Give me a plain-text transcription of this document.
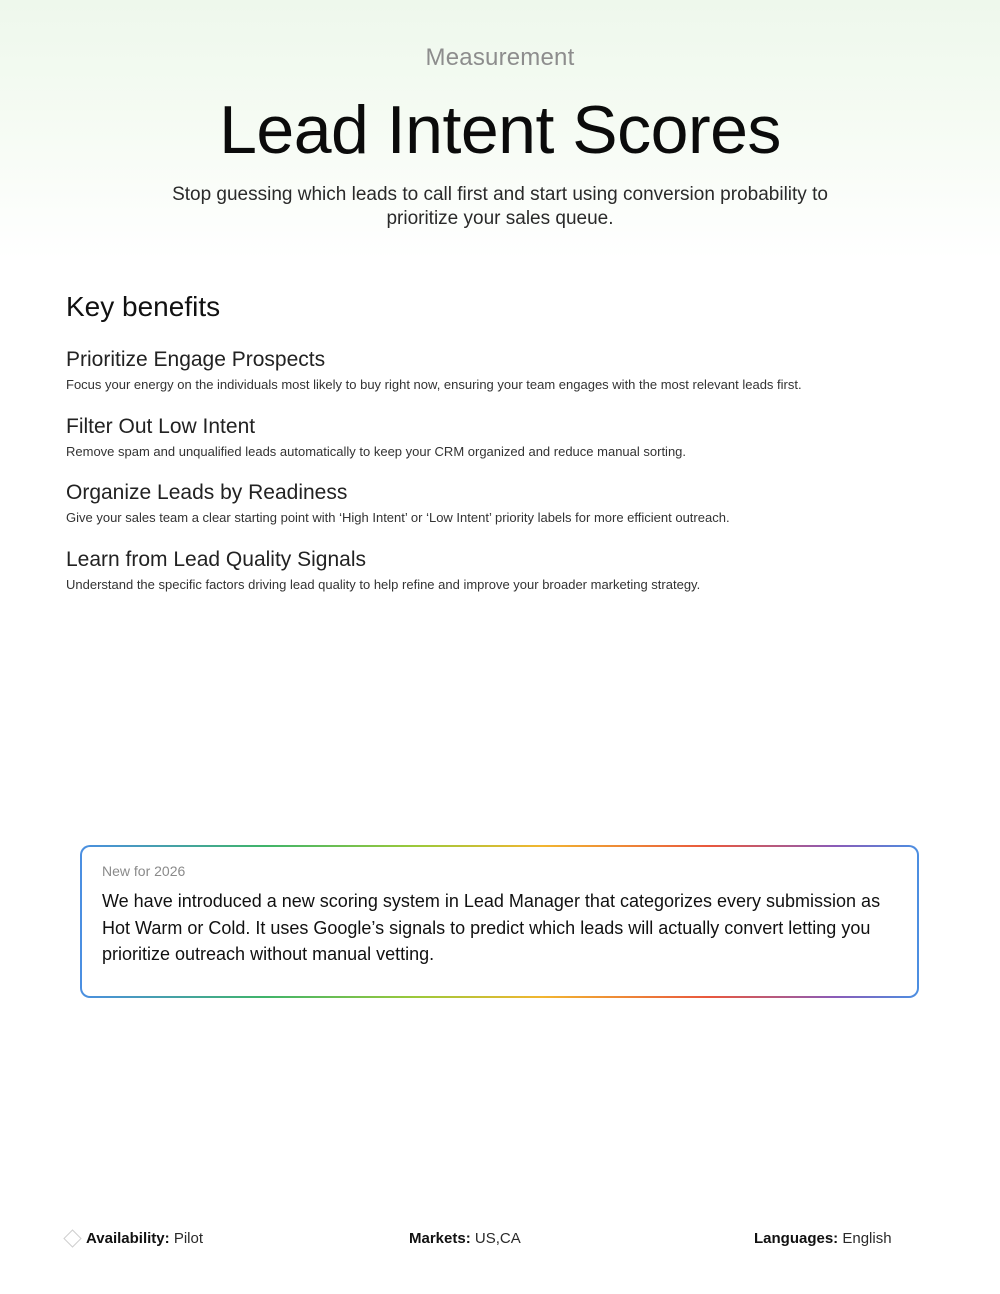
Measurement
Lead Intent Scores

Stop guessing which leads to call first and start using conversion probability to prioritize your sales queue.

Key benefits

Prioritize Engage Prospects

Focus your energy on the individuals most likely to buy right now, ensuring your team engages with the most relevant leads first.

Filter Out Low Intent

Remove spam and unqualified leads automatically to keep your CRM organized and reduce manual sorting.

Organize Leads by Readiness

Give your sales team a clear starting point with ‘High Intent’ or ‘Low Intent’ priority labels for more efficient outreach.

Learn from Lead Quality Signals

Understand the specific factors driving lead quality to help refine and improve your broader marketing strategy.

New for 2026

We have introduced a new scoring system in Lead Manager that categorizes every submission as Hot Warm or Cold. It uses Google’s signals to predict which leads will actually convert letting you prioritize outreach without manual vetting.

Availability: Pilot	Markets: US,CA	Languages: English
